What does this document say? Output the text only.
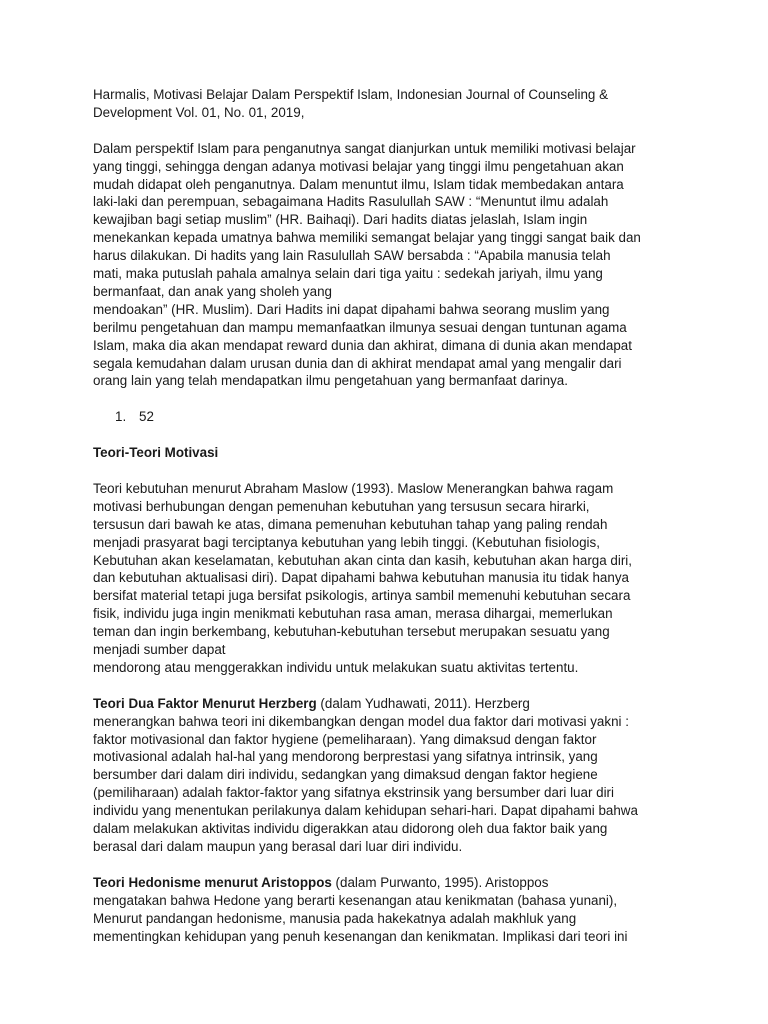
Harmalis, Motivasi Belajar Dalam Perspektif Islam, Indonesian Journal of Counseling &
Development Vol. 01, No. 01, 2019,
Dalam perspektif Islam para penganutnya sangat dianjurkan untuk memiliki motivasi belajar
yang tinggi, sehingga dengan adanya motivasi belajar yang tinggi ilmu pengetahuan akan
mudah didapat oleh penganutnya. Dalam menuntut ilmu, Islam tidak membedakan antara
laki-laki dan perempuan, sebagaimana Hadits Rasulullah SAW : “Menuntut ilmu adalah
kewajiban bagi setiap muslim” (HR. Baihaqi). Dari hadits diatas jelaslah, Islam ingin
menekankan kepada umatnya bahwa memiliki semangat belajar yang tinggi sangat baik dan
harus dilakukan. Di hadits yang lain Rasulullah SAW bersabda : “Apabila manusia telah
mati, maka putuslah pahala amalnya selain dari tiga yaitu : sedekah jariyah, ilmu yang
bermanfaat, dan anak yang sholeh yang
mendoakan” (HR. Muslim). Dari Hadits ini dapat dipahami bahwa seorang muslim yang
berilmu pengetahuan dan mampu memanfaatkan ilmunya sesuai dengan tuntunan agama
Islam, maka dia akan mendapat reward dunia dan akhirat, dimana di dunia akan mendapat
segala kemudahan dalam urusan dunia dan di akhirat mendapat amal yang mengalir dari
orang lain yang telah mendapatkan ilmu pengetahuan yang bermanfaat darinya.
1. 52
Teori-Teori Motivasi
Teori kebutuhan menurut Abraham Maslow (1993). Maslow Menerangkan bahwa ragam
motivasi berhubungan dengan pemenuhan kebutuhan yang tersusun secara hirarki,
tersusun dari bawah ke atas, dimana pemenuhan kebutuhan tahap yang paling rendah
menjadi prasyarat bagi terciptanya kebutuhan yang lebih tinggi. (Kebutuhan fisiologis,
Kebutuhan akan keselamatan, kebutuhan akan cinta dan kasih, kebutuhan akan harga diri,
dan kebutuhan aktualisasi diri). Dapat dipahami bahwa kebutuhan manusia itu tidak hanya
bersifat material tetapi juga bersifat psikologis, artinya sambil memenuhi kebutuhan secara
fisik, individu juga ingin menikmati kebutuhan rasa aman, merasa dihargai, memerlukan
teman dan ingin berkembang, kebutuhan-kebutuhan tersebut merupakan sesuatu yang
menjadi sumber dapat
mendorong atau menggerakkan individu untuk melakukan suatu aktivitas tertentu.
Teori Dua Faktor Menurut Herzberg (dalam Yudhawati, 2011). Herzberg
menerangkan bahwa teori ini dikembangkan dengan model dua faktor dari motivasi yakni :
faktor motivasional dan faktor hygiene (pemeliharaan). Yang dimaksud dengan faktor
motivasional adalah hal-hal yang mendorong berprestasi yang sifatnya intrinsik, yang
bersumber dari dalam diri individu, sedangkan yang dimaksud dengan faktor hegiene
(pemiliharaan) adalah faktor-faktor yang sifatnya ekstrinsik yang bersumber dari luar diri
individu yang menentukan perilakunya dalam kehidupan sehari-hari. Dapat dipahami bahwa
dalam melakukan aktivitas individu digerakkan atau didorong oleh dua faktor baik yang
berasal dari dalam maupun yang berasal dari luar diri individu.
Teori Hedonisme menurut Aristoppos (dalam Purwanto, 1995). Aristoppos
mengatakan bahwa Hedone yang berarti kesenangan atau kenikmatan (bahasa yunani),
Menurut pandangan hedonisme, manusia pada hakekatnya adalah makhluk yang
mementingkan kehidupan yang penuh kesenangan dan kenikmatan. Implikasi dari teori ini
